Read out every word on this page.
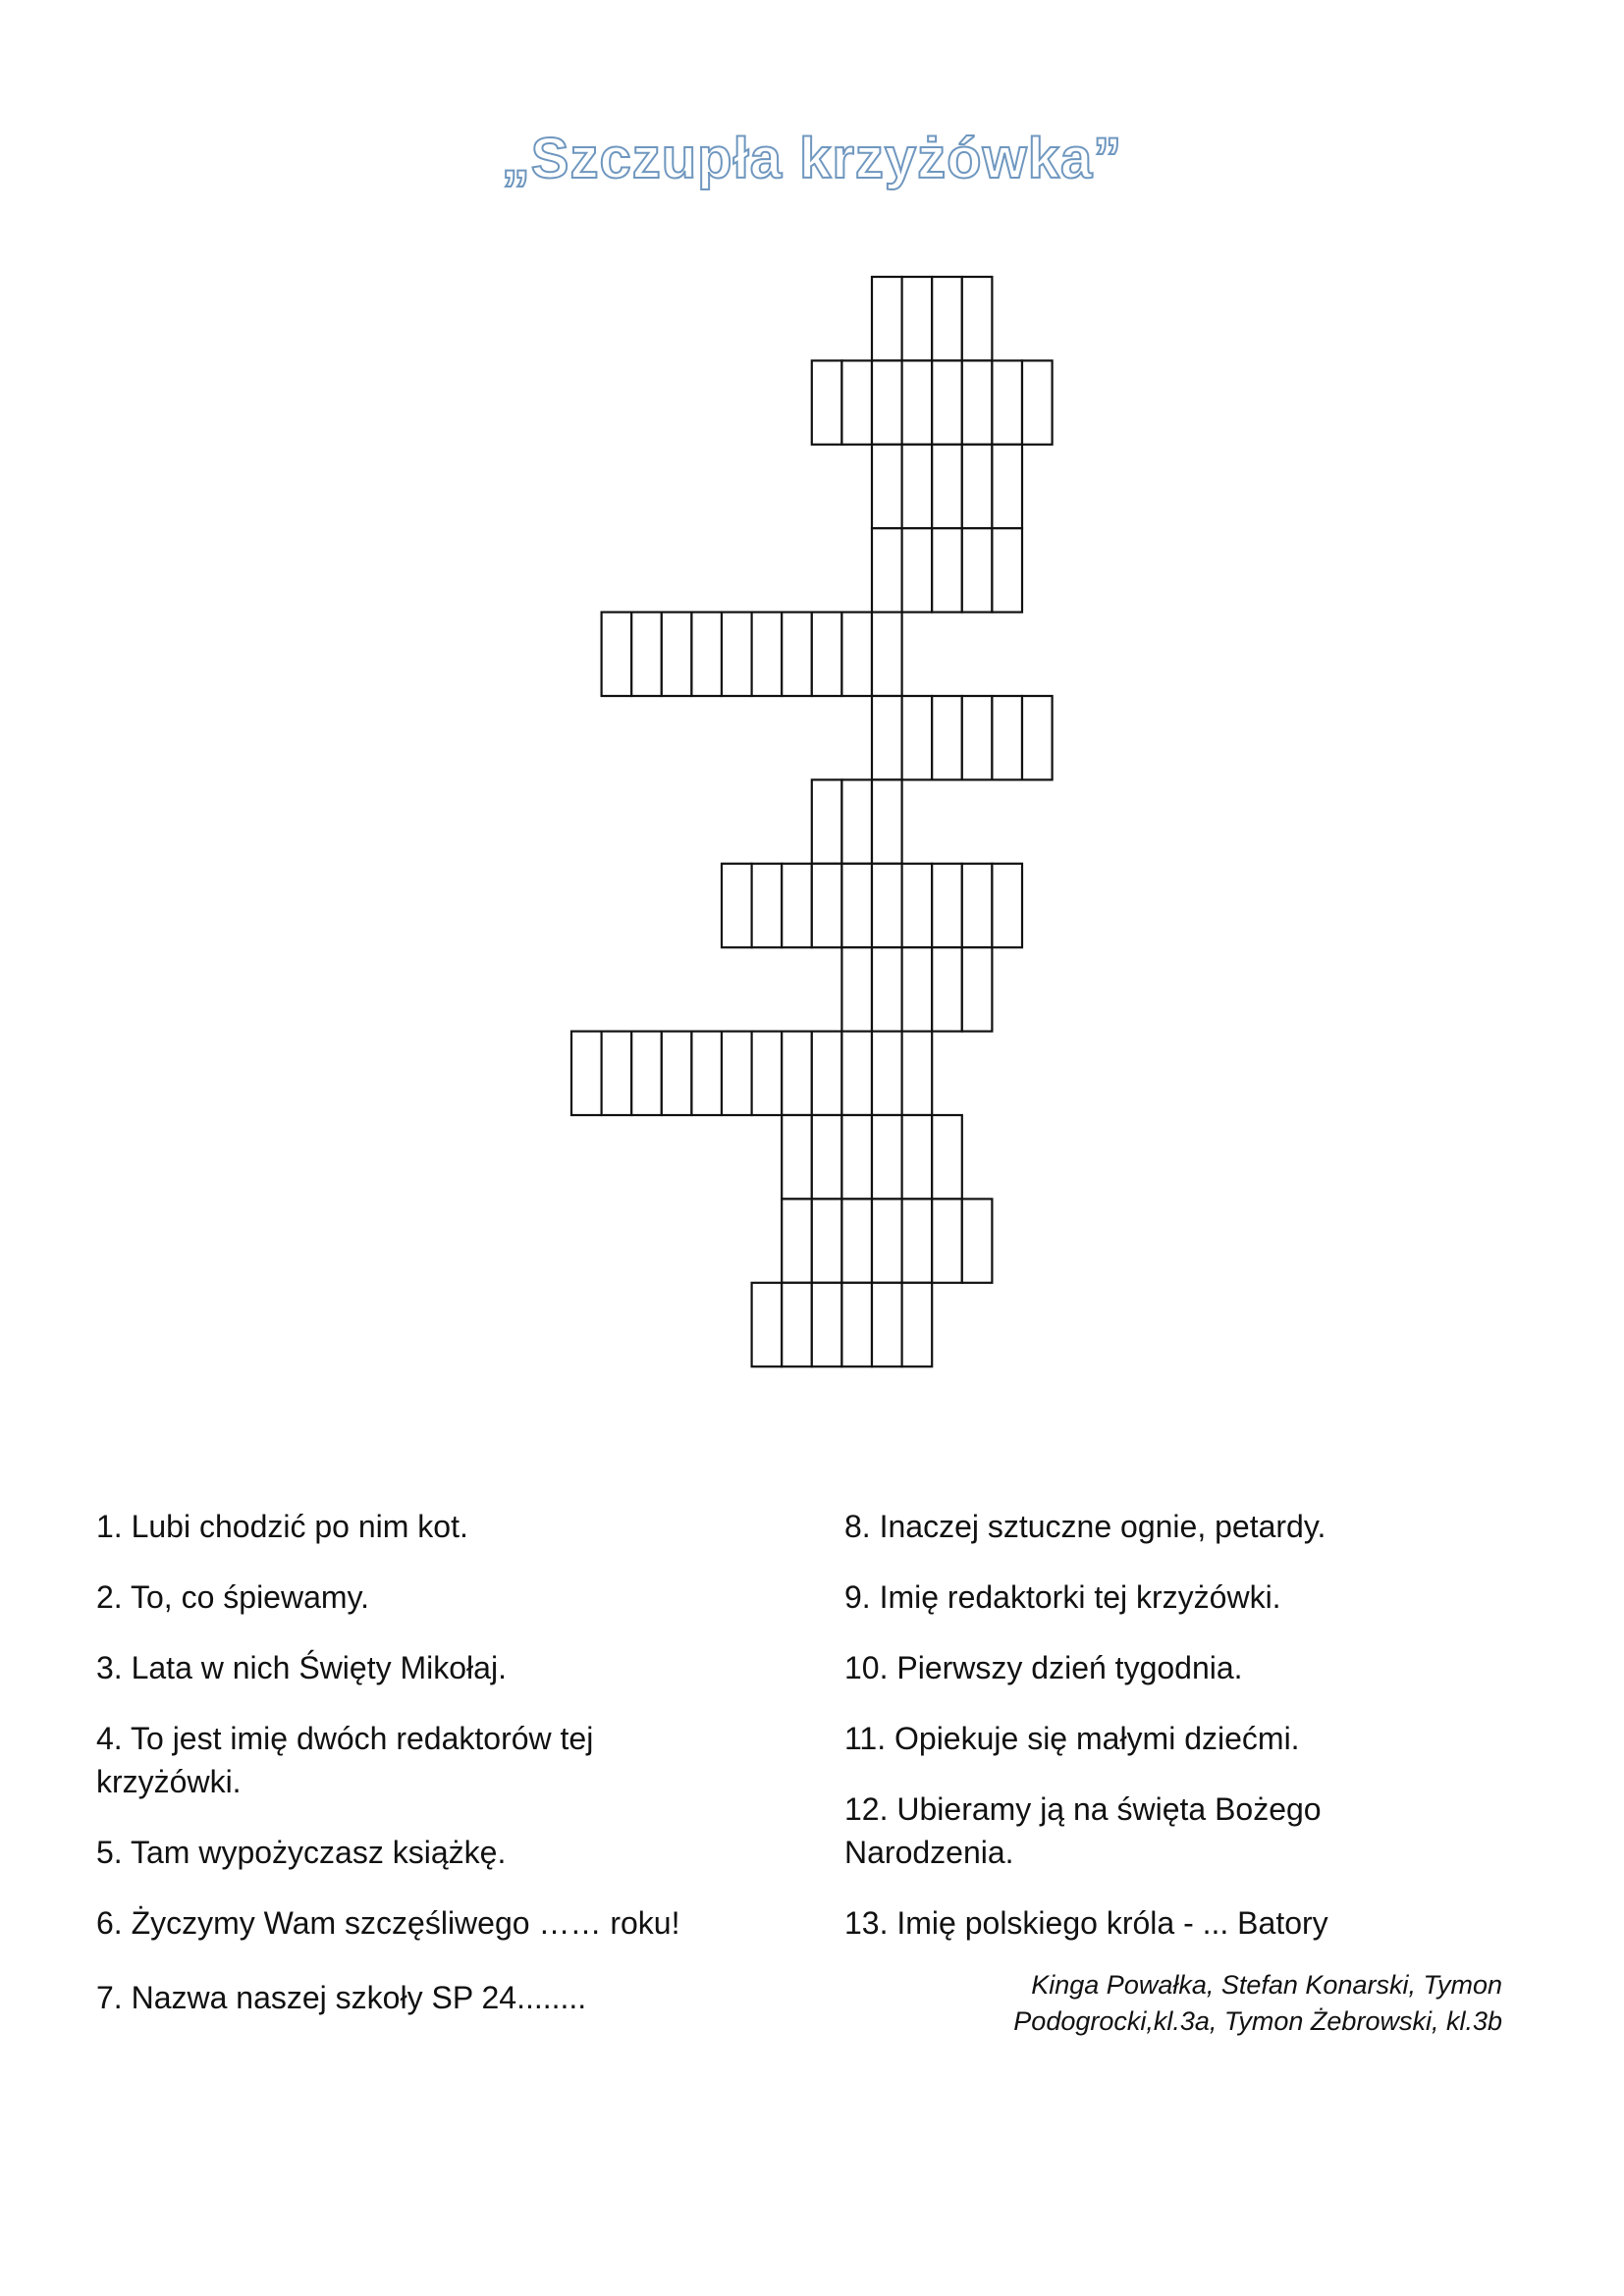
„Szczupła krzyżówka”
1. Lubi chodzić po nim kot.
2. To, co śpiewamy.
3. Lata w nich Święty Mikołaj.
4. To jest imię dwóch redaktorów tej krzyżówki.
5. Tam wypożyczasz książkę.
6. Życzymy Wam szczęśliwego …… roku!
7. Nazwa naszej szkoły SP 24........
8. Inaczej sztuczne ognie, petardy.
9. Imię redaktorki tej krzyżówki.
10. Pierwszy dzień tygodnia.
11. Opiekuje się małymi dziećmi.
12. Ubieramy ją na święta Bożego Narodzenia.
13. Imię polskiego króla - ... Batory
Kinga Powałka, Stefan Konarski, Tymon Podogrocki,kl.3a, Tymon Żebrowski, kl.3b
